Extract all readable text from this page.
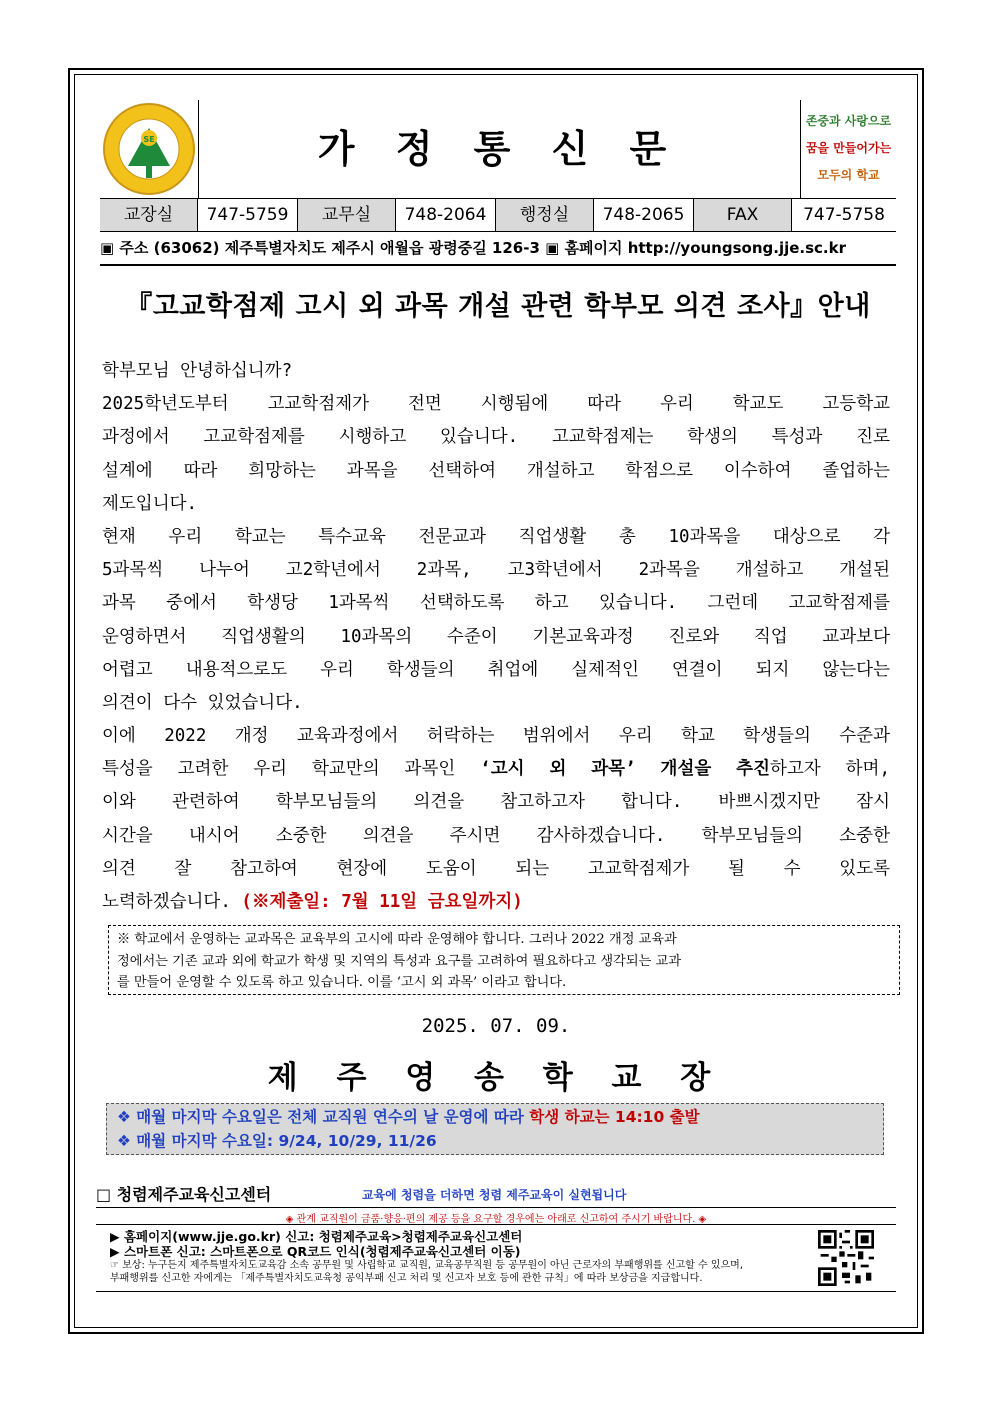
SE	가 정 통 신 문
존중과 사랑으로
꿈을 만들어가는
모두의 학교
교장실	747-5759	교무실	748-2064	행정실	748-2065	FAX	747-5758
▣ 주소 (63062) 제주특별자치도 제주시 애월읍 광령중길 126-3 ▣ 홈페이지 http://youngsong.jje.sc.kr
『고교학점제 고시 외 과목 개설 관련 학부모 의견 조사』안내
학부모님 안녕하십니까?
2025학년도부터 고교학점제가 전면 시행됨에 따라 우리 학교도 고등학교
과정에서 고교학점제를 시행하고 있습니다. 고교학점제는 학생의 특성과 진로
설계에 따라 희망하는 과목을 선택하여 개설하고 학점으로 이수하여 졸업하는
제도입니다.
현재 우리 학교는 특수교육 전문교과 직업생활 총 10과목을 대상으로 각
5과목씩 나누어 고2학년에서 2과목, 고3학년에서 2과목을 개설하고 개설된
과목 중에서 학생당 1과목씩 선택하도록 하고 있습니다. 그런데 고교학점제를
운영하면서 직업생활의 10과목의 수준이 기본교육과정 진로와 직업 교과보다
어렵고 내용적으로도 우리 학생들의 취업에 실제적인 연결이 되지 않는다는
의견이 다수 있었습니다.
이에 2022 개정 교육과정에서 허락하는 범위에서 우리 학교 학생들의 수준과
특성을 고려한 우리 학교만의 과목인 ‘고시 외 과목’ 개설을 추진하고자 하며,
이와 관련하여 학부모님들의 의견을 참고하고자 합니다. 바쁘시겠지만 잠시
시간을 내시어 소중한 의견을 주시면 감사하겠습니다. 학부모님들의 소중한
의견 잘 참고하여 현장에 도움이 되는 고교학점제가 될 수 있도록
노력하겠습니다. (※제출일: 7월 11일 금요일까지)
※ 학교에서 운영하는 교과목은 교육부의 고시에 따라 운영해야 합니다. 그러나 2022 개정 교육과
정에서는 기존 교과 외에 학교가 학생 및 지역의 특성과 요구를 고려하여 필요하다고 생각되는 교과
를 만들어 운영할 수 있도록 하고 있습니다. 이를 ‘고시 외 과목’ 이라고 합니다.
2025. 07. 09.
제 주 영 송 학 교 장
❖ 매월 마지막 수요일은 전체 교직원 연수의 날 운영에 따라 학생 하교는 14:10 출발
❖ 매월 마지막 수요일: 9/24, 10/29, 11/26
□ 청렴제주교육신고센터	교육에 청렴을 더하면 청렴 제주교육이 실현됩니다
◈ 관계 교직원이 금품·향응·편의 제공 등을 요구할 경우에는 아래로 신고하여 주시기 바랍니다. ◈
▶ 홈페이지(www.jje.go.kr) 신고: 청렴제주교육>청렴제주교육신고센터
▶ 스마트폰 신고: 스마트폰으로 QR코드 인식(청렴제주교육신고센터 이동)
☞ 보상: 누구든지 제주특별자치도교육감 소속 공무원 및 사립학교 교직원, 교육공무직원 등 공무원이 아닌 근로자의 부패행위를 신고할 수 있으며,
부패행위를 신고한 자에게는 「제주특별자치도교육청 공익부패 신고 처리 및 신고자 보호 등에 관한 규칙」에 따라 보상금을 지급합니다.
